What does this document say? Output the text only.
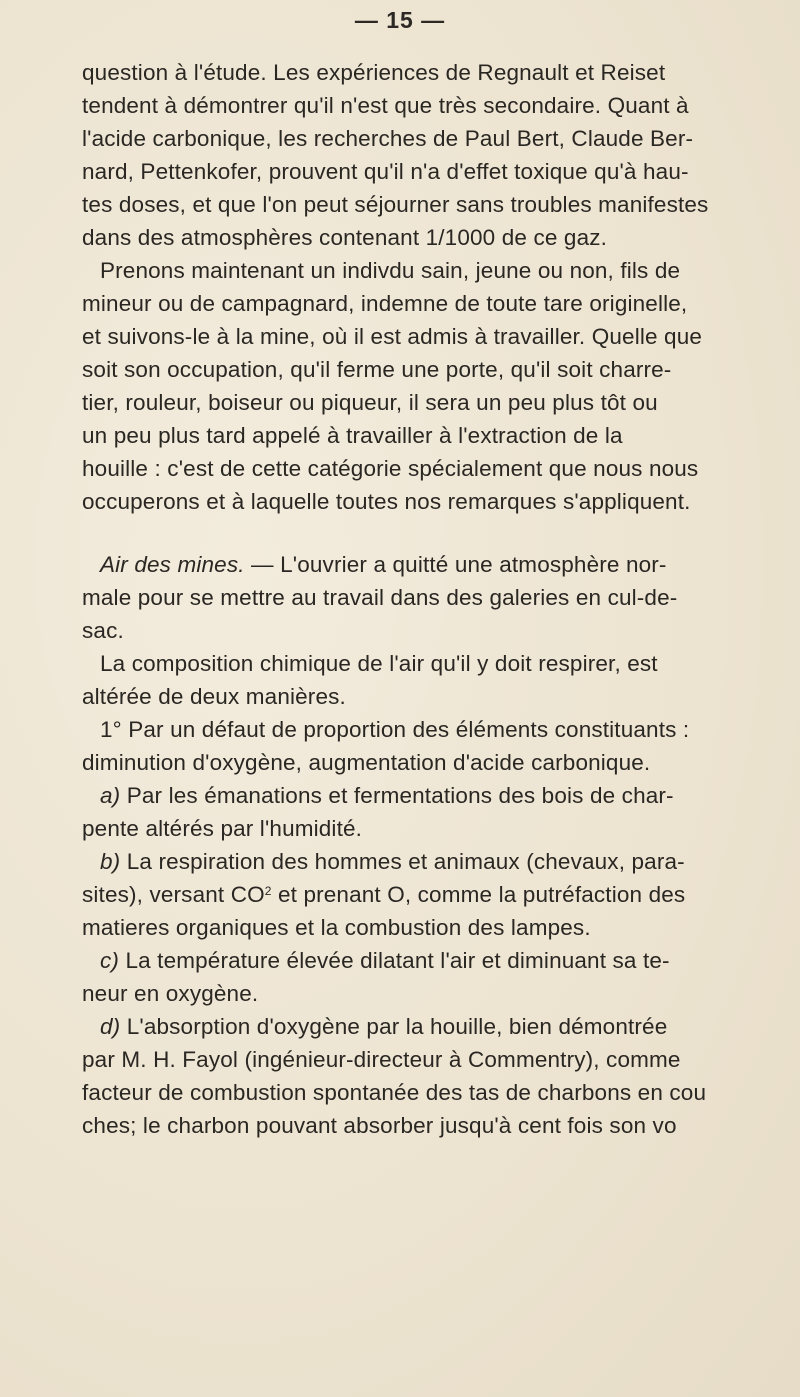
— 15 —
question à l'étude. Les expériences de Regnault et Reiset
tendent à démontrer qu'il n'est que très secondaire. Quant à
l'acide carbonique, les recherches de Paul Bert, Claude Ber-
nard, Pettenkofer, prouvent qu'il n'a d'effet toxique qu'à hau-
tes doses, et que l'on peut séjourner sans troubles manifestes
dans des atmosphères contenant 1/1000 de ce gaz.
Prenons maintenant un indivdu sain, jeune ou non, fils de
mineur ou de campagnard, indemne de toute tare originelle,
et suivons-le à la mine, où il est admis à travailler. Quelle que
soit son occupation, qu'il ferme une porte, qu'il soit charre-
tier, rouleur, boiseur ou piqueur, il sera un peu plus tôt ou
un peu plus tard appelé à travailler à l'extraction de la
houille : c'est de cette catégorie spécialement que nous nous
occuperons et à laquelle toutes nos remarques s'appliquent.
Air des mines. — L'ouvrier a quitté une atmosphère nor-
male pour se mettre au travail dans des galeries en cul-de-
sac.
La composition chimique de l'air qu'il y doit respirer, est
altérée de deux manières.
1° Par un défaut de proportion des éléments constituants :
diminution d'oxygène, augmentation d'acide carbonique.
a) Par les émanations et fermentations des bois de char-
pente altérés par l'humidité.
b) La respiration des hommes et animaux (chevaux, para-
sites), versant $CO^2$ et prenant O, comme la putréfaction des
matieres organiques et la combustion des lampes.
c) La température élevée dilatant l'air et diminuant sa te-
neur en oxygène.
d) L'absorption d'oxygène par la houille, bien démontrée
par M. H. Fayol (ingénieur-directeur à Commentry), comme
facteur de combustion spontanée des tas de charbons en cou
ches; le charbon pouvant absorber jusqu'à cent fois son vo
